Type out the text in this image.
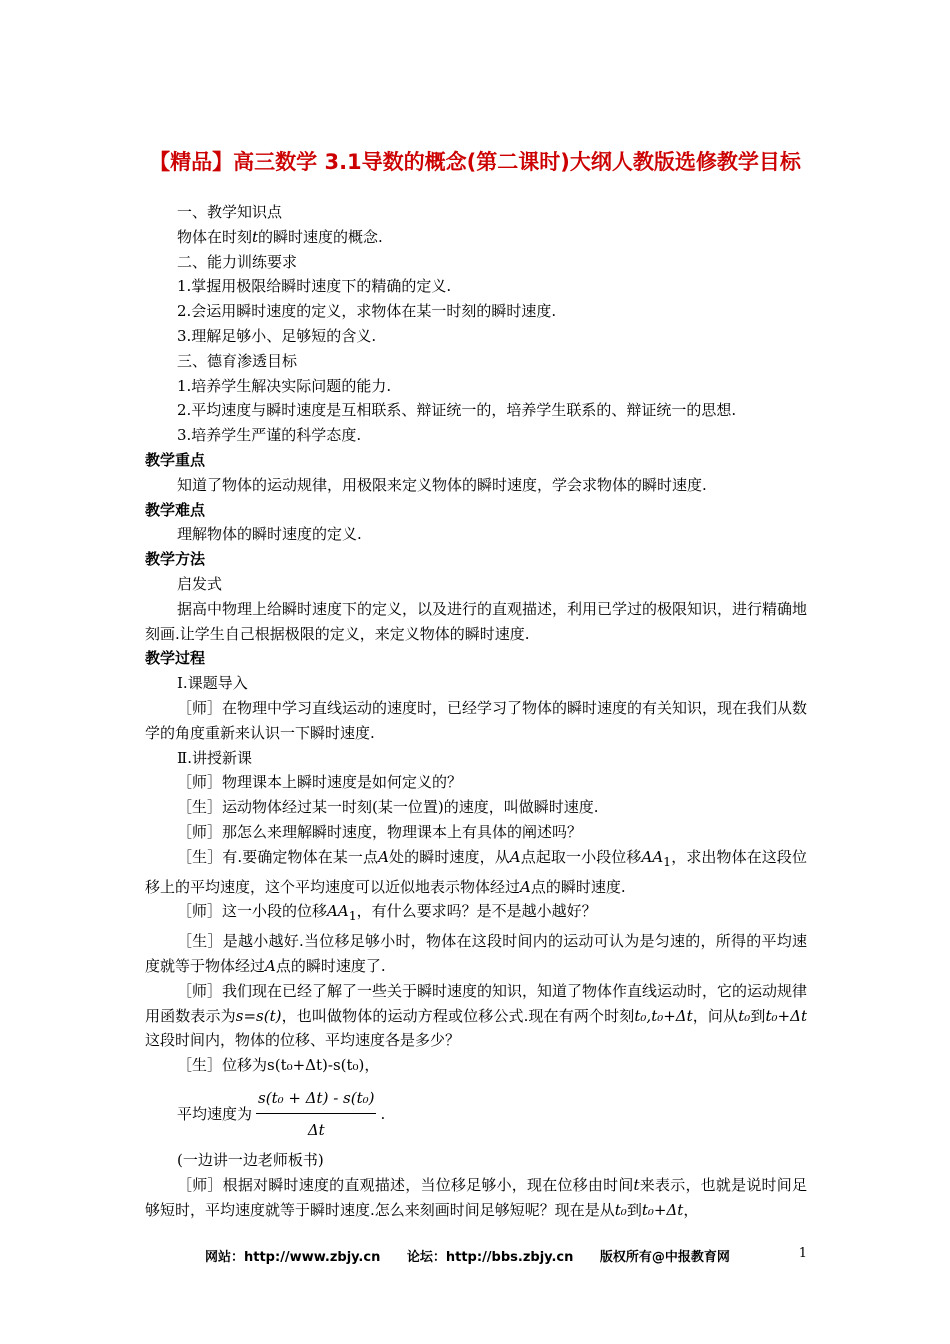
【精品】高三数学 3.1导数的概念(第二课时)大纲人教版选修教学目标

一、教学知识点

物体在时刻t的瞬时速度的概念.

二、能力训练要求

1.掌握用极限给瞬时速度下的精确的定义.

2.会运用瞬时速度的定义，求物体在某一时刻的瞬时速度.

3.理解足够小、足够短的含义.

三、德育渗透目标

1.培养学生解决实际问题的能力.

2.平均速度与瞬时速度是互相联系、辩证统一的，培养学生联系的、辩证统一的思想.

3.培养学生严谨的科学态度.

教学重点

知道了物体的运动规律，用极限来定义物体的瞬时速度，学会求物体的瞬时速度.

教学难点

理解物体的瞬时速度的定义.

教学方法

启发式

据高中物理上给瞬时速度下的定义，以及进行的直观描述，利用已学过的极限知识，进行精确地刻画.让学生自己根据极限的定义，来定义物体的瞬时速度.

教学过程

Ⅰ.课题导入

［师］在物理中学习直线运动的速度时，已经学习了物体的瞬时速度的有关知识，现在我们从数学的角度重新来认识一下瞬时速度.

Ⅱ.讲授新课

［师］物理课本上瞬时速度是如何定义的？

［生］运动物体经过某一时刻(某一位置)的速度，叫做瞬时速度.

［师］那怎么来理解瞬时速度，物理课本上有具体的阐述吗？

［生］有.要确定物体在某一点A处的瞬时速度，从A点起取一小段位移$AA_1$，求出物体在这段位移上的平均速度，这个平均速度可以近似地表示物体经过A点的瞬时速度.

［师］这一小段的位移$AA_1$，有什么要求吗？是不是越小越好？

［生］是越小越好.当位移足够小时，物体在这段时间内的运动可认为是匀速的，所得的平均速度就等于物体经过A点的瞬时速度了.

［师］我们现在已经了解了一些关于瞬时速度的知识，知道了物体作直线运动时，它的运动规律用函数表示为s=s(t)，也叫做物体的运动方程或位移公式.现在有两个时刻t₀,t₀+Δt，问从t₀到t₀+Δt这段时间内，物体的位移、平均速度各是多少？

［生］位移为s(t₀+Δt)-s(t₀)，

平均速度为 $\frac{\text{s(t₀ + Δt) - s(t₀)}}{\Delta t}$ .

(一边讲一边老师板书)

［师］根据对瞬时速度的直观描述，当位移足够小，现在位移由时间t来表示，也就是说时间足够短时，平均速度就等于瞬时速度.怎么来刻画时间足够短呢？现在是从t₀到t₀+Δt，

网站：http://www.zbjy.cn 论坛：http://bbs.zbjy.cn 版权所有@中报教育网	1
